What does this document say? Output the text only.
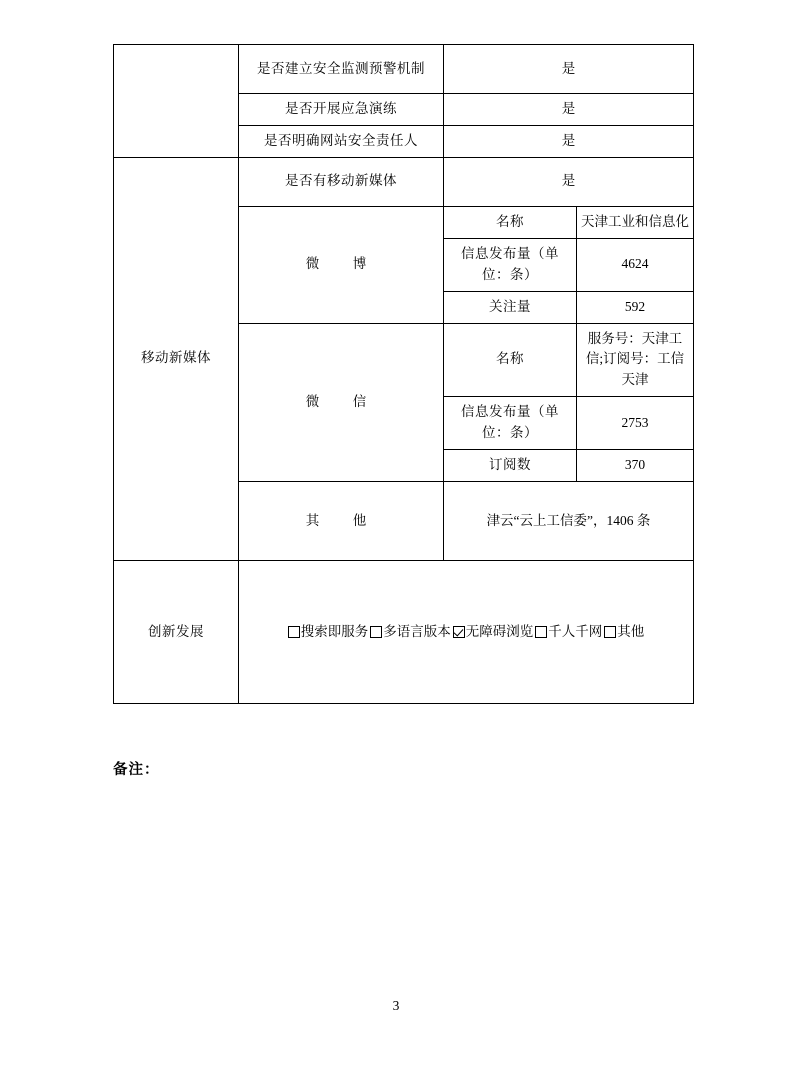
	是否建立安全监测预警机制	是	
	是否开展应急演练	是	
	是否明确网站安全责任人	是	
移动新媒体	是否有移动新媒体	是	
	微　博	名称	天津工业和信息化
		信息发布量（单位：条）	4624
		关注量	592
	微　信	名称	服务号：天津工信;订阅号：工信天津
		信息发布量（单位：条）	2753
		订阅数	370
	其　他	津云“云上工信委”，1406 条	
创新发展	搜索即服务 多语言版本 无障碍浏览 千人千网 其他		
备注：
3
